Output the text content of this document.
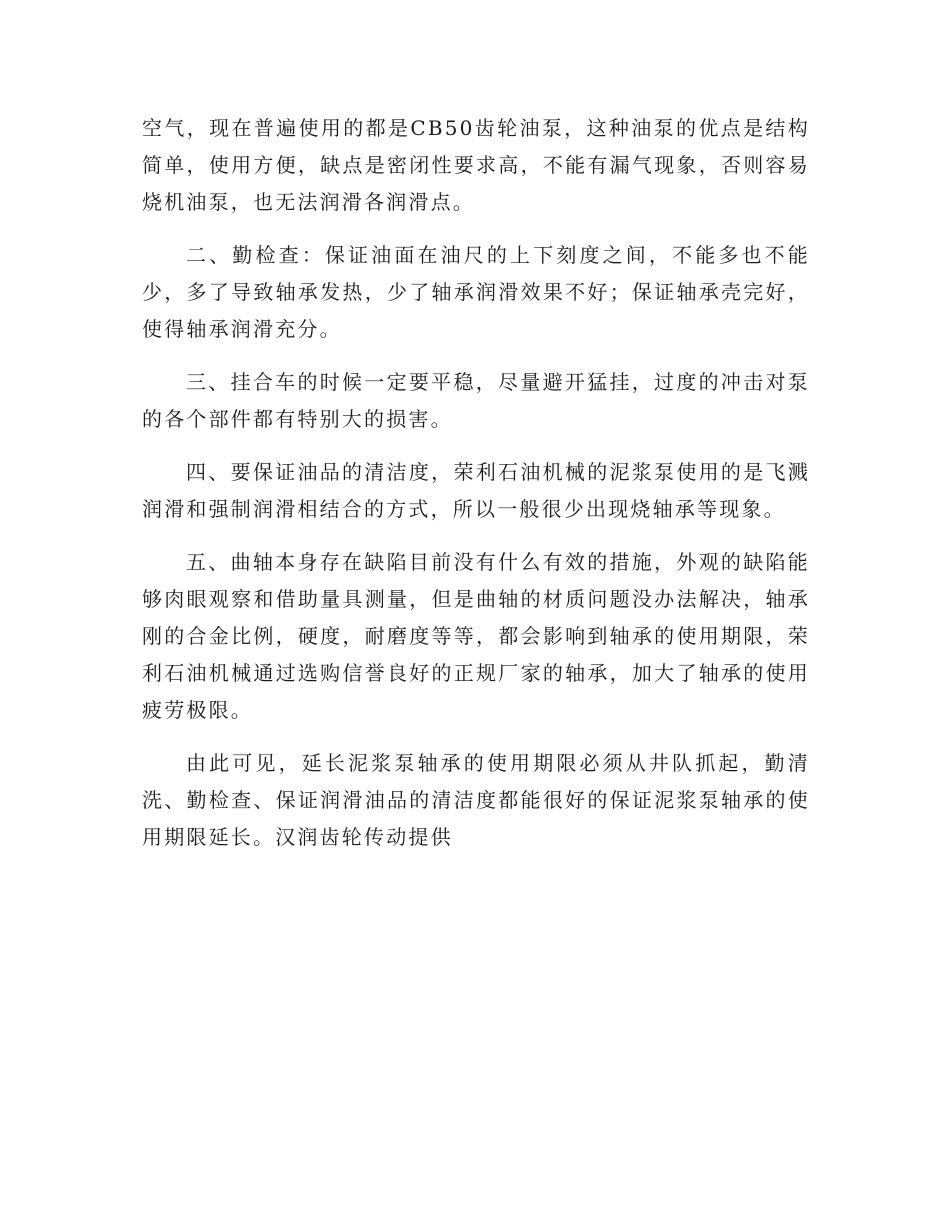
空气，现在普遍使用的都是CB50齿轮油泵，这种油泵的优点是结构简单，使用方便，缺点是密闭性要求高，不能有漏气现象，否则容易烧机油泵，也无法润滑各润滑点。

二、勤检查：保证油面在油尺的上下刻度之间，不能多也不能少，多了导致轴承发热，少了轴承润滑效果不好；保证轴承壳完好，使得轴承润滑充分。

三、挂合车的时候一定要平稳，尽量避开猛挂，过度的冲击对泵的各个部件都有特别大的损害。

四、要保证油品的清洁度，荣利石油机械的泥浆泵使用的是飞溅润滑和强制润滑相结合的方式，所以一般很少出现烧轴承等现象。

五、曲轴本身存在缺陷目前没有什么有效的措施，外观的缺陷能够肉眼观察和借助量具测量，但是曲轴的材质问题没办法解决，轴承刚的合金比例，硬度，耐磨度等等，都会影响到轴承的使用期限，荣利石油机械通过选购信誉良好的正规厂家的轴承，加大了轴承的使用疲劳极限。

由此可见，延长泥浆泵轴承的使用期限必须从井队抓起，勤清洗、勤检查、保证润滑油品的清洁度都能很好的保证泥浆泵轴承的使用期限延长。汉润齿轮传动提供
